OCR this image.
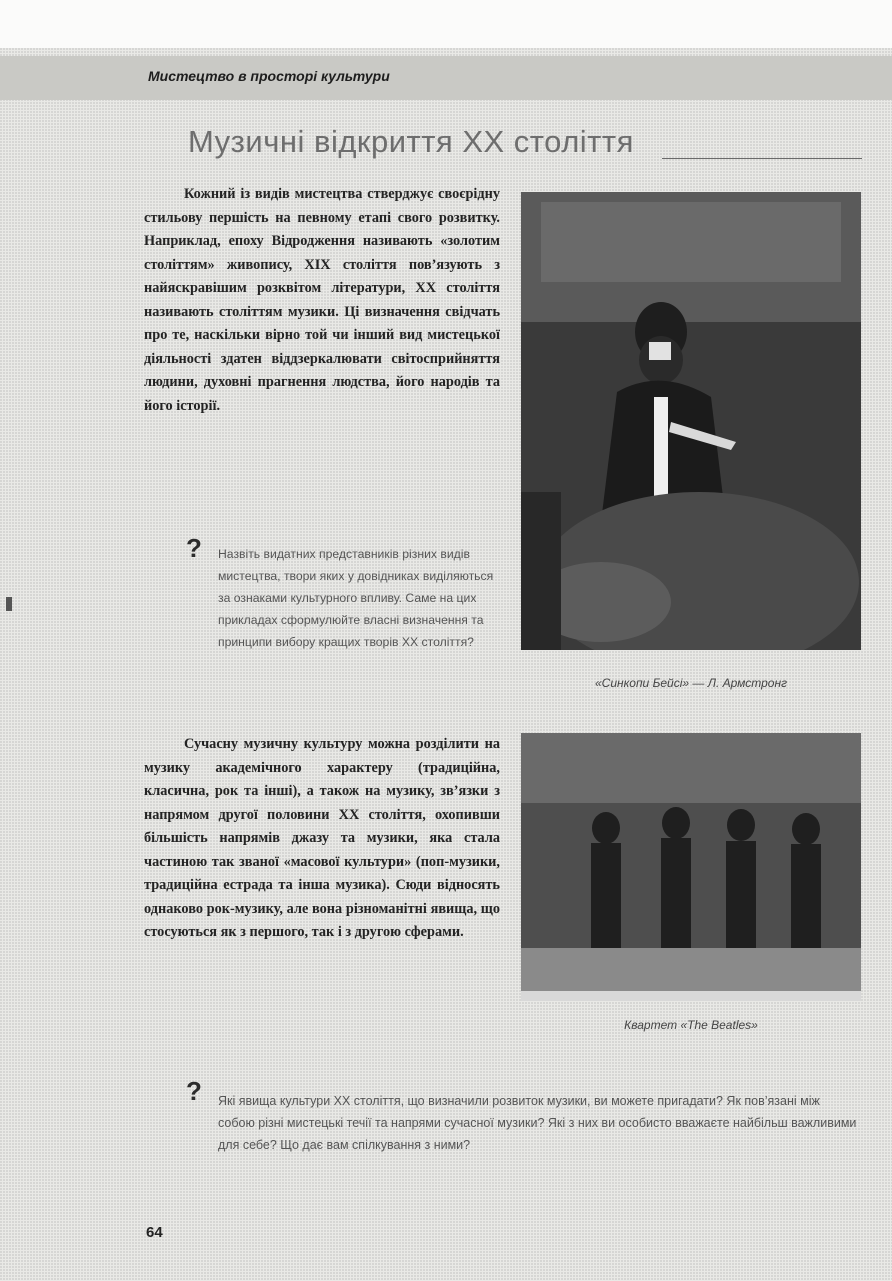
Мистецтво в просторі культури

Музичні відкриття XX століття

Кожний із видів мистецтва стверджує своєрідну стильову першість на певному етапі свого розвитку. Наприклад, епоху Відродження називають «золотим століттям» живопису, XIX століття пов’язують з найяскравішим розквітом літератури, XX століття називають століттям музики. Ці визначення свідчать про те, наскільки вірно той чи інший вид мистецької діяльності здатен віддзеркалювати світосприйняття людини, духовні прагнення людства, його народів та його історії.

? Назвіть видатних представників різних видів мистецтва, твори яких у довідниках виділяються за ознаками культурного впливу. Саме на цих прикладах сформулюйте власні визначення та принципи вибору кращих творів XX століття?

«Синкопи Бейсі» — Л. Армстронг

Сучасну музичну культуру можна розділити на музику академічного характеру (традиційна, класична, рок та інші), а також на музику, зв’язки з напрямом другої половини XX століття, охопивши більшість напрямів джазу та музики, яка стала частиною так званої «масової культури» (поп-музики, традиційна естрада та інша музика). Сюди відносять однаково рок-музику, але вона різноманітні явища, що стосуються як з першого, так і з другою сферами.

Квартет «The Beatles»

? Які явища культури XX століття, що визначили розвиток музики, ви можете пригадати? Як пов’язані між собою різні мистецькі течії та напрями сучасної музики? Які з них ви особисто вважаєте найбільш важливими для себе? Що дає вам спілкування з ними?

64
